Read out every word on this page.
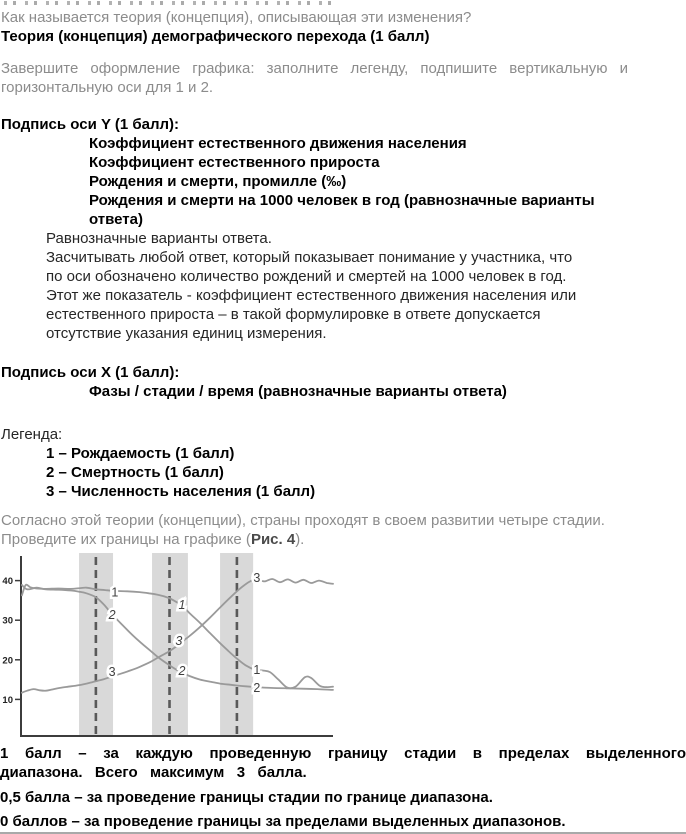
Как называется теория (концепция), описывающая эти изменения?
Теория (концепция) демографического перехода (1 балл)
Завершите оформление графика: заполните легенду, подпишите вертикальную и горизонтальную оси для 1 и 2.
Подпись оси Y (1 балл):
Коэффициент естественного движения населения
Коэффициент естественного прироста
Рождения и смерти, промилле (‰)
Рождения и смерти на 1000 человек в год (равнозначные варианты ответа)
Равнозначные варианты ответа.
Засчитывать любой ответ, который показывает понимание у участника, что по оси обозначено количество рождений и смертей на 1000 человек в год. Этот же показатель - коэффициент естественного движения населения или естественного прироста – в такой формулировке в ответе допускается отсутствие указания единиц измерения.
Подпись оси X (1 балл):
Фазы / стадии / время (равнозначные варианты ответа)
Легенда:
1 – Рождаемость (1 балл)
2 – Смертность (1 балл)
3 – Численность населения (1 балл)
Согласно этой теории (концепции), страны проходят в своем развитии четыре стадии. Проведите их границы на графике (Рис. 4).
10
20
30
40
1
2
1
3
3	2
3
1
2
1 балл – за каждую проведенную границу стадии в пределах выделенного диапазона. Всего максимум 3 балла.
0,5 балла – за проведение границы стадии по границе диапазона.
0 баллов – за проведение границы за пределами выделенных диапазонов.
